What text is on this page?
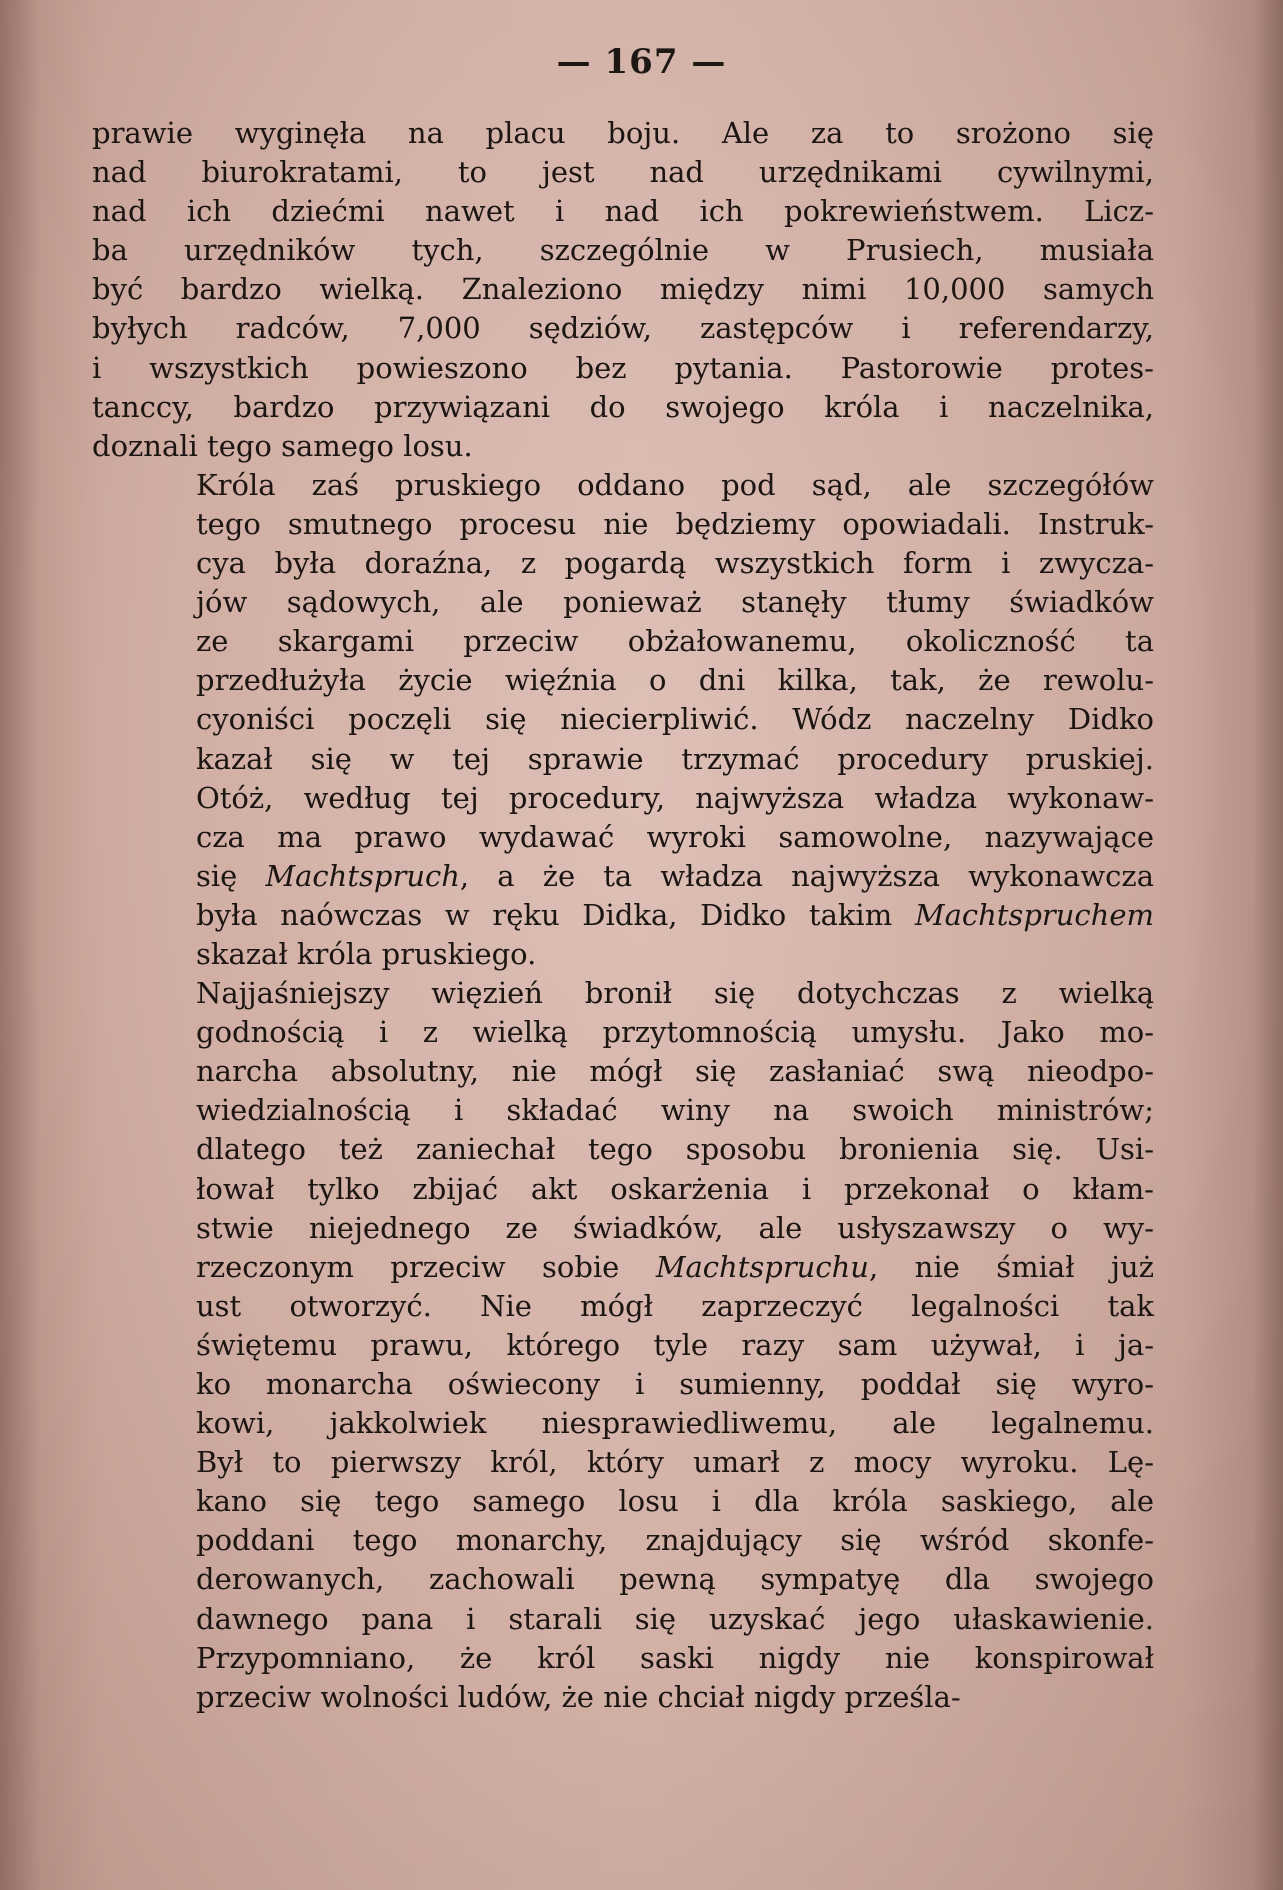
— 167 —
prawie wyginęła na placu boju. Ale za to srożono się
nad biurokratami, to jest nad urzędnikami cywilnymi,
nad ich dziećmi nawet i nad ich pokrewieństwem. Licz-
ba urzędników tych, szczególnie w Prusiech, musiała
być bardzo wielką. Znaleziono między nimi 10,000 samych
byłych radców, 7,000 sędziów, zastępców i referendarzy,
i wszystkich powieszono bez pytania. Pastorowie protes-
tanccy, bardzo przywiązani do swojego króla i naczelnika,
doznali tego samego losu.
Króla zaś pruskiego oddano pod sąd, ale szczegółów
tego smutnego procesu nie będziemy opowiadali. Instruk-
cya była doraźna, z pogardą wszystkich form i zwycza-
jów sądowych, ale ponieważ stanęły tłumy świadków
ze skargami przeciw obżałowanemu, okoliczność ta
przedłużyła życie więźnia o dni kilka, tak, że rewolu-
cyoniści poczęli się niecierpliwić. Wódz naczelny Didko
kazał się w tej sprawie trzymać procedury pruskiej.
Otóż, według tej procedury, najwyższa władza wykonaw-
cza ma prawo wydawać wyroki samowolne, nazywające
się Machtspruch, a że ta władza najwyższa wykonawcza
była naówczas w ręku Didka, Didko takim Machtspruchem
skazał króla pruskiego.
Najjaśniejszy więzień bronił się dotychczas z wielką
godnością i z wielką przytomnością umysłu. Jako mo-
narcha absolutny, nie mógł się zasłaniać swą nieodpo-
wiedzialnością i składać winy na swoich ministrów;
dlatego też zaniechał tego sposobu bronienia się. Usi-
łował tylko zbijać akt oskarżenia i przekonał o kłam-
stwie niejednego ze świadków, ale usłyszawszy o wy-
rzeczonym przeciw sobie Machtspruchu, nie śmiał już
ust otworzyć. Nie mógł zaprzeczyć legalności tak
świętemu prawu, którego tyle razy sam używał, i ja-
ko monarcha oświecony i sumienny, poddał się wyro-
kowi, jakkolwiek niesprawiedliwemu, ale legalnemu.
Był to pierwszy król, który umarł z mocy wyroku. Lę-
kano się tego samego losu i dla króla saskiego, ale
poddani tego monarchy, znajdujący się wśród skonfe-
derowanych, zachowali pewną sympatyę dla swojego
dawnego pana i starali się uzyskać jego ułaskawienie.
Przypomniano, że król saski nigdy nie konspirował
przeciw wolności ludów, że nie chciał nigdy prześla-
